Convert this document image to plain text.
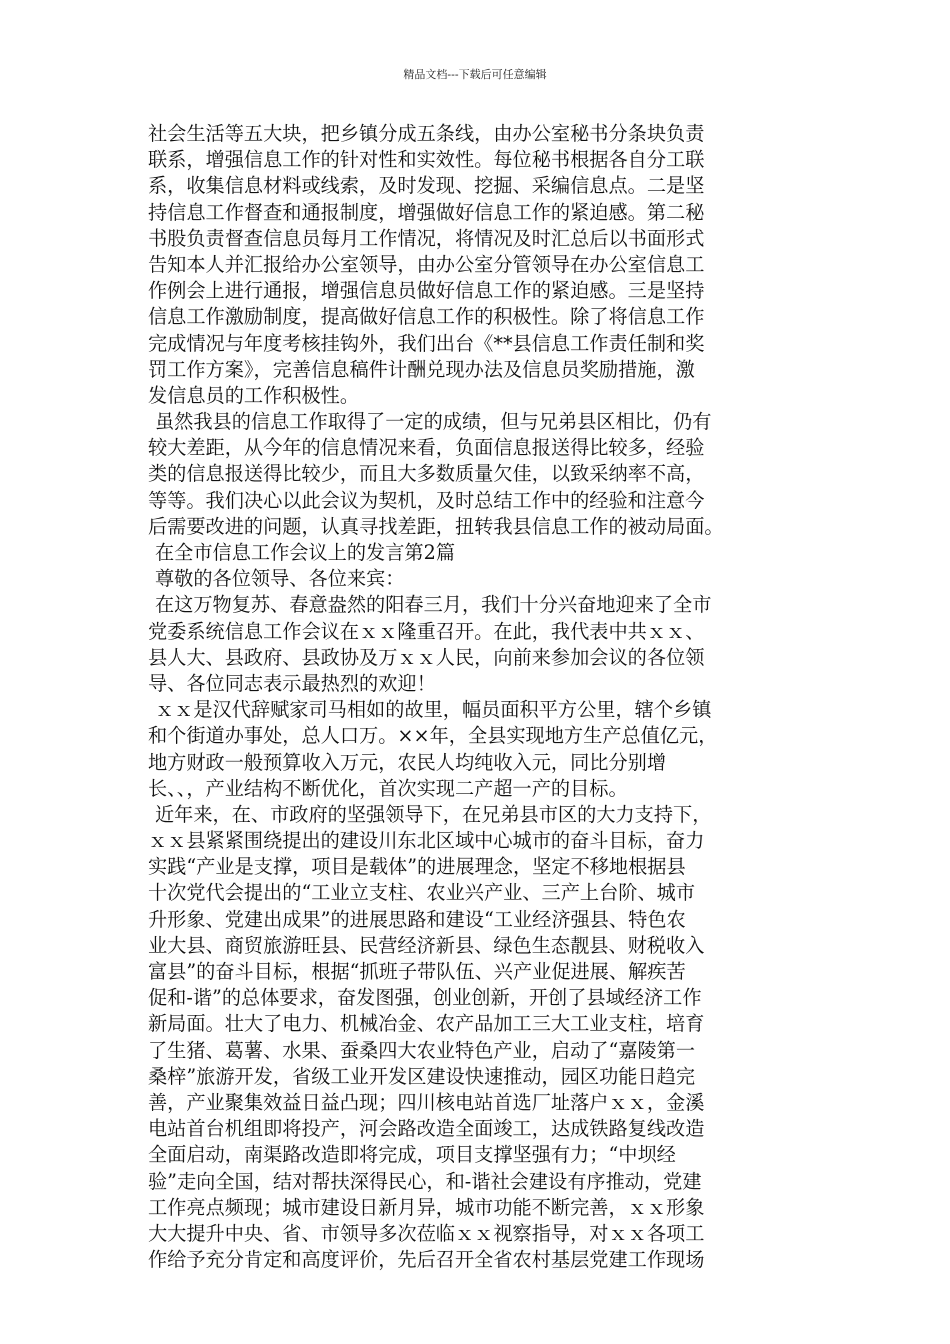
精品文档---下载后可任意编辑
社会生活等五大块，把乡镇分成五条线，由办公室秘书分条块负责
联系，增强信息工作的针对性和实效性。每位秘书根据各自分工联
系，收集信息材料或线索，及时发现、挖掘、采编信息点。二是坚
持信息工作督查和通报制度，增强做好信息工作的紧迫感。第二秘
书股负责督查信息员每月工作情况，将情况及时汇总后以书面形式
告知本人并汇报给办公室领导，由办公室分管领导在办公室信息工
作例会上进行通报，增强信息员做好信息工作的紧迫感。三是坚持
信息工作激励制度，提高做好信息工作的积极性。除了将信息工作
完成情况与年度考核挂钩外，我们出台《**县信息工作责任制和奖
罚工作方案》，完善信息稿件计酬兑现办法及信息员奖励措施，激
发信息员的工作积极性。
虽然我县的信息工作取得了一定的成绩，但与兄弟县区相比，仍有
较大差距，从今年的信息情况来看，负面信息报送得比较多，经验
类的信息报送得比较少，而且大多数质量欠佳，以致采纳率不高，
等等。我们决心以此会议为契机，及时总结工作中的经验和注意今
后需要改进的问题，认真寻找差距，扭转我县信息工作的被动局面。
在全市信息工作会议上的发言第2篇
尊敬的各位领导、各位来宾：
在这万物复苏、春意盎然的阳春三月，我们十分兴奋地迎来了全市
党委系统信息工作会议在ｘｘ隆重召开。在此，我代表中共ｘｘ、
县人大、县政府、县政协及万ｘｘ人民，向前来参加会议的各位领
导、各位同志表示最热烈的欢迎！
ｘｘ是汉代辞赋家司马相如的故里，幅员面积平方公里，辖个乡镇
和个街道办事处，总人口万。××年，全县实现地方生产总值亿元，
地方财政一般预算收入万元，农民人均纯收入元，同比分别增
长、、，产业结构不断优化，首次实现二产超一产的目标。
近年来，在、市政府的坚强领导下，在兄弟县市区的大力支持下，
ｘｘ县紧紧围绕提出的建设川东北区域中心城市的奋斗目标，奋力
实践“产业是支撑，项目是载体”的进展理念，坚定不移地根据县
十次党代会提出的“工业立支柱、农业兴产业、三产上台阶、城市
升形象、党建出成果”的进展思路和建设“工业经济强县、特色农
业大县、商贸旅游旺县、民营经济新县、绿色生态靓县、财税收入
富县”的奋斗目标，根据“抓班子带队伍、兴产业促进展、解疾苦
促和-谐”的总体要求，奋发图强，创业创新，开创了县域经济工作
新局面。壮大了电力、机械冶金、农产品加工三大工业支柱，培育
了生猪、葛薯、水果、蚕桑四大农业特色产业，启动了“嘉陵第一
桑梓”旅游开发，省级工业开发区建设快速推动，园区功能日趋完
善，产业聚集效益日益凸现；四川核电站首选厂址落户ｘｘ，金溪
电站首台机组即将投产，河会路改造全面竣工，达成铁路复线改造
全面启动，南渠路改造即将完成，项目支撑坚强有力；“中坝经
验”走向全国，结对帮扶深得民心，和-谐社会建设有序推动，党建
工作亮点频现；城市建设日新月异，城市功能不断完善，ｘｘ形象
大大提升中央、省、市领导多次莅临ｘｘ视察指导，对ｘｘ各项工
作给予充分肯定和高度评价，先后召开全省农村基层党建工作现场
